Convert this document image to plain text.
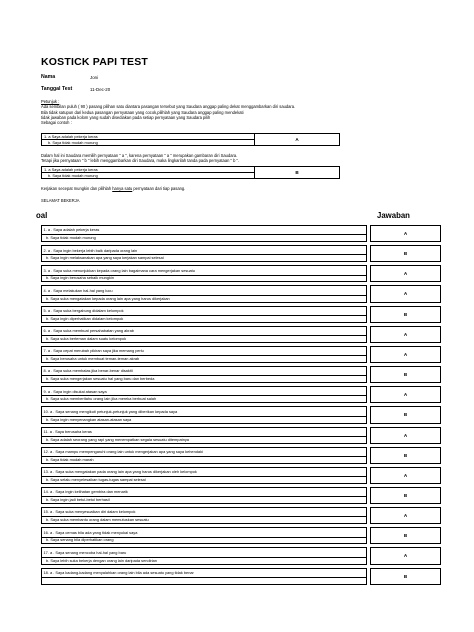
KOSTICK PAPI TEST
Nama	Joni
Tanggal Test	11-Dec-20
Petunjuk :
Ada sembilan puluh ( 90 ) pasang pilihan satu diantara pasangan tersebut yang Saudara anggap paling dekat menggambarkan diri saudara.
Bila tidak satupun dari kedua pasangan pernyataan yang cocok,pilihlah yang Saudara anggap paling mendekati
tidak jawaban pada kolom yang sudah disediakan pada setiap pernyataan yang Saudara pilih
Sebagai contoh :
1. a Saya adalah pekerja keras	A
b. Saya tidak mudah murung
Dalam hal ini Saudara memilih pernyataan " a ", karena pernyataan " a " merupakan gambaran diri Saudara.
Tetapi jika pernyataan " b " lebih menggambarkan diri Saudara, maka lingkarilah tanda pada pernyataan " b ".
1. a Saya adalah pekerja keras	B
b. Saya tidak mudah murung
Kerjakan secepat mungkin dan pilihlah hanya satu pernyataan dari tiap pasang.
SELAMAT BEKERJA
oal	Jawaban
1. a . Saya adalah pekerja keras
b. Saya tidak mudah murung
A
2. a . Saya ingin bekerja lebih baik daripada orang lain
b. Saya ingin melaksanakan apa yang saya kerjakan sampai selesai
B
3. a . Saya suka menunjukkan kepada orang lain bagaimana cara mengerjakan sesuatu
b. Saya ingin berusaha sebaik mungkin
A
4. a . Saya melakukan hal-hal yang lucu
b. Saya suka mengatakan kepada orang lain apa yang harus dikerjakan
A
5. a . Saya suka bergabung didalam kelompok
b. Saya ingin diperhatikan didalam kelompok
B
6. a . Saya suka membuat persahabatan yang akrab
b. Saya suka berteman dalam suatu kelompok
A
7. a . Saya cepat merubah pikiran saya jika memang perlu
b. Saya berusaha untuk membuat teman-teman akrab
A
8. a . Saya suka membalas jika benar-benar disakiti
b. Saya suka mengerjakan sesuatu hal yang baru dan berbeda
B
9. a . Saya ingin disukai atasan saya
b. Saya suka memberitahu orang lain jika mereka berbuat salah
A
10. a . Saya senang mengikuti petunjuk-petunjuk yang diberikan kepada saya
b. Saya ingin menyenangkan atasan-atasan saya
B
11. a . Saya berusaha keras
b. Saya adalah seorang yang rapi yang menempatkan segala sesuatu ditempatnya
A
12. a . Saya mampu mempengaruhi orang lain untuk mengerjakan apa yang saya kehendaki
b. Saya tidak mudah marah
B
13. a . Saya suka mengatakan pada orang lain apa yang harus dikerjakan oleh kelompok
b. Saya selalu menyelesaikan tugas-tugas sampai selesai
A
14. a . Saya ingin kelihatan gembira dan menarik
b. Saya ingin jadi betul-betul berhasil
B
15. a . Saya suka menyesuaikan diri dalam kelompok
b. Saya suka membantu orang dalam memutuskan sesuatu
A
16. a . Saya cemas bila ada yang tidak menyukai saya
b. Saya senang bila diperhatikan orang
B
17. a . Saya senang mencoba hal-hal yang baru
b. Saya lebih suka bekerja dengan orang lain daripada sendirian
A
18. a . Saya kadang-kadang menyalahkan orang lain bila ada sesuatu yang tidak benar
B
